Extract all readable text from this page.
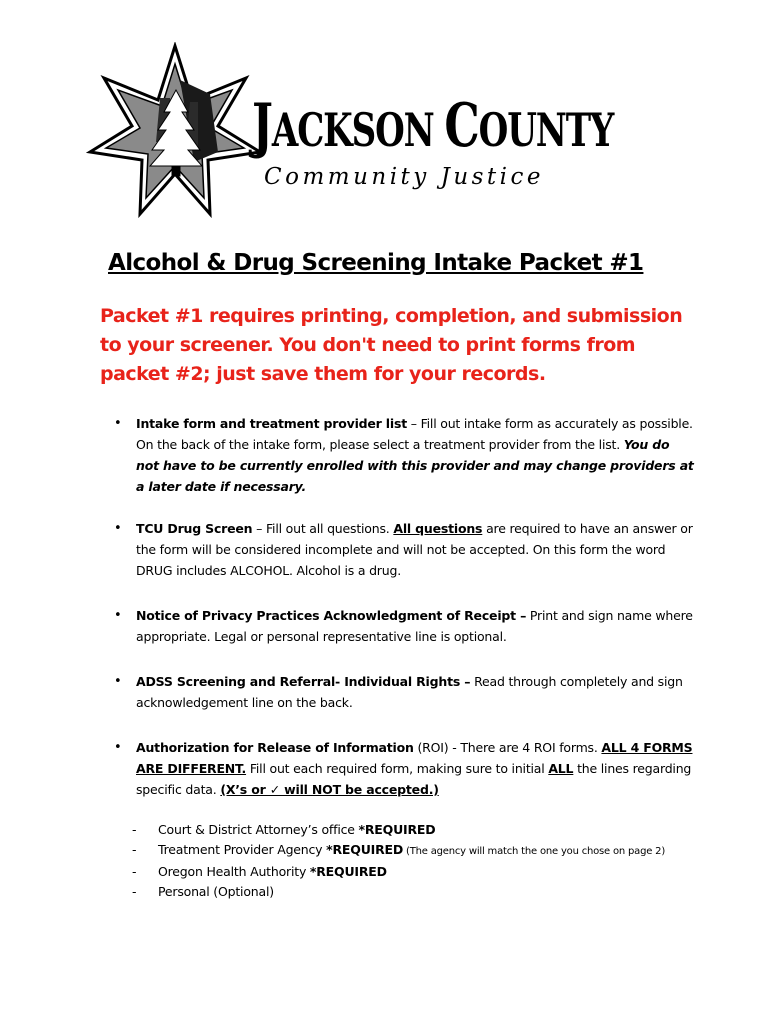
JACKSON COUNTY

Community Justice

Alcohol & Drug Screening Intake Packet #1

Packet #1 requires printing, completion, and submission to your screener. You don't need to print forms from packet #2; just save them for your records.

• Intake form and treatment provider list – Fill out intake form as accurately as possible. On the back of the intake form, please select a treatment provider from the list. You do not have to be currently enrolled with this provider and may change providers at a later date if necessary.
• TCU Drug Screen – Fill out all questions. All questions are required to have an answer or the form will be considered incomplete and will not be accepted. On this form the word DRUG includes ALCOHOL. Alcohol is a drug.
• Notice of Privacy Practices Acknowledgment of Receipt – Print and sign name where appropriate. Legal or personal representative line is optional.
• ADSS Screening and Referral- Individual Rights – Read through completely and sign acknowledgement line on the back.
• Authorization for Release of Information (ROI) - There are 4 ROI forms. ALL 4 FORMS ARE DIFFERENT. Fill out each required form, making sure to initial ALL the lines regarding specific data. (X’s or ✓ will NOT be accepted.)
- Court & District Attorney’s office *REQUIRED
- Treatment Provider Agency *REQUIRED (The agency will match the one you chose on page 2)
- Oregon Health Authority *REQUIRED
- Personal (Optional)
